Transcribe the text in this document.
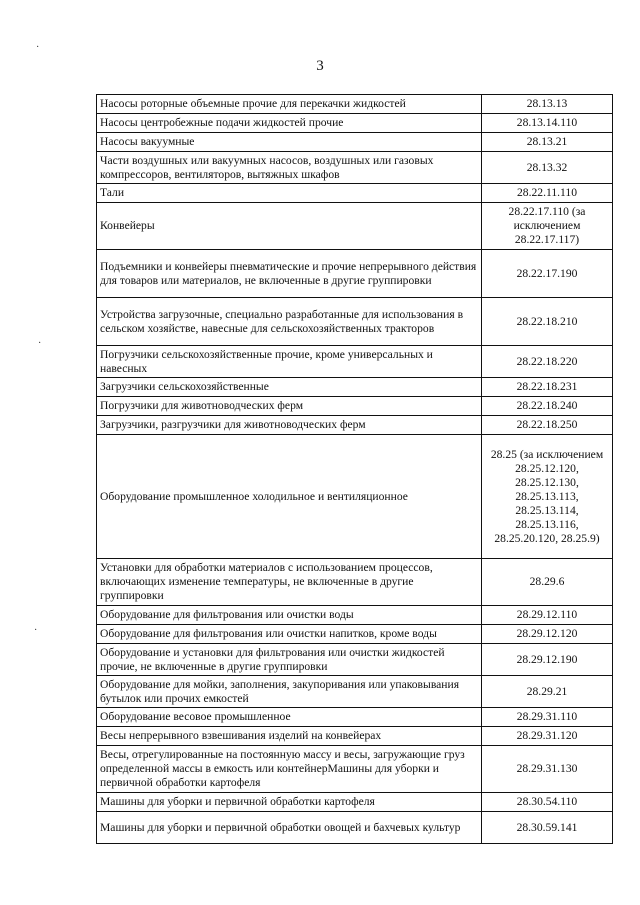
3
·
·
·
Насосы роторные объемные прочие для перекачки жидкостей	28.13.13
Насосы центробежные подачи жидкостей прочие	28.13.14.110
Насосы вакуумные	28.13.21
Части воздушных или вакуумных насосов, воздушных или газовых компрессоров, вентиляторов, вытяжных шкафов	28.13.32
Тали	28.22.11.110
Конвейеры	28.22.17.110 (за исключением 28.22.17.117)
Подъемники и конвейеры пневматические и прочие непрерывного действия для товаров или материалов, не включенные в другие группировки	28.22.17.190
Устройства загрузочные, специально разработанные для использования в сельском хозяйстве, навесные для сельскохозяйственных тракторов	28.22.18.210
Погрузчики сельскохозяйственные прочие, кроме универсальных и навесных	28.22.18.220
Загрузчики сельскохозяйственные	28.22.18.231
Погрузчики для животноводческих ферм	28.22.18.240
Загрузчики, разгрузчики для животноводческих ферм	28.22.18.250
Оборудование промышленное холодильное и вентиляционное	28.25 (за исключением 28.25.12.120, 28.25.12.130, 28.25.13.113, 28.25.13.114, 28.25.13.116, 28.25.20.120, 28.25.9)
Установки для обработки материалов с использованием процессов, включающих изменение температуры, не включенные в другие группировки	28.29.6
Оборудование для фильтрования или очистки воды	28.29.12.110
Оборудование для фильтрования или очистки напитков, кроме воды	28.29.12.120
Оборудование и установки для фильтрования или очистки жидкостей прочие, не включенные в другие группировки	28.29.12.190
Оборудование для мойки, заполнения, закупоривания или упаковывания бутылок или прочих емкостей	28.29.21
Оборудование весовое промышленное	28.29.31.110
Весы непрерывного взвешивания изделий на конвейерах	28.29.31.120
Весы, отрегулированные на постоянную массу и весы, загружающие груз определенной массы в емкость или контейнерМашины для уборки и первичной обработки картофеля	28.29.31.130
Машины для уборки и первичной обработки картофеля	28.30.54.110
Машины для уборки и первичной обработки овощей и бахчевых культур	28.30.59.141
